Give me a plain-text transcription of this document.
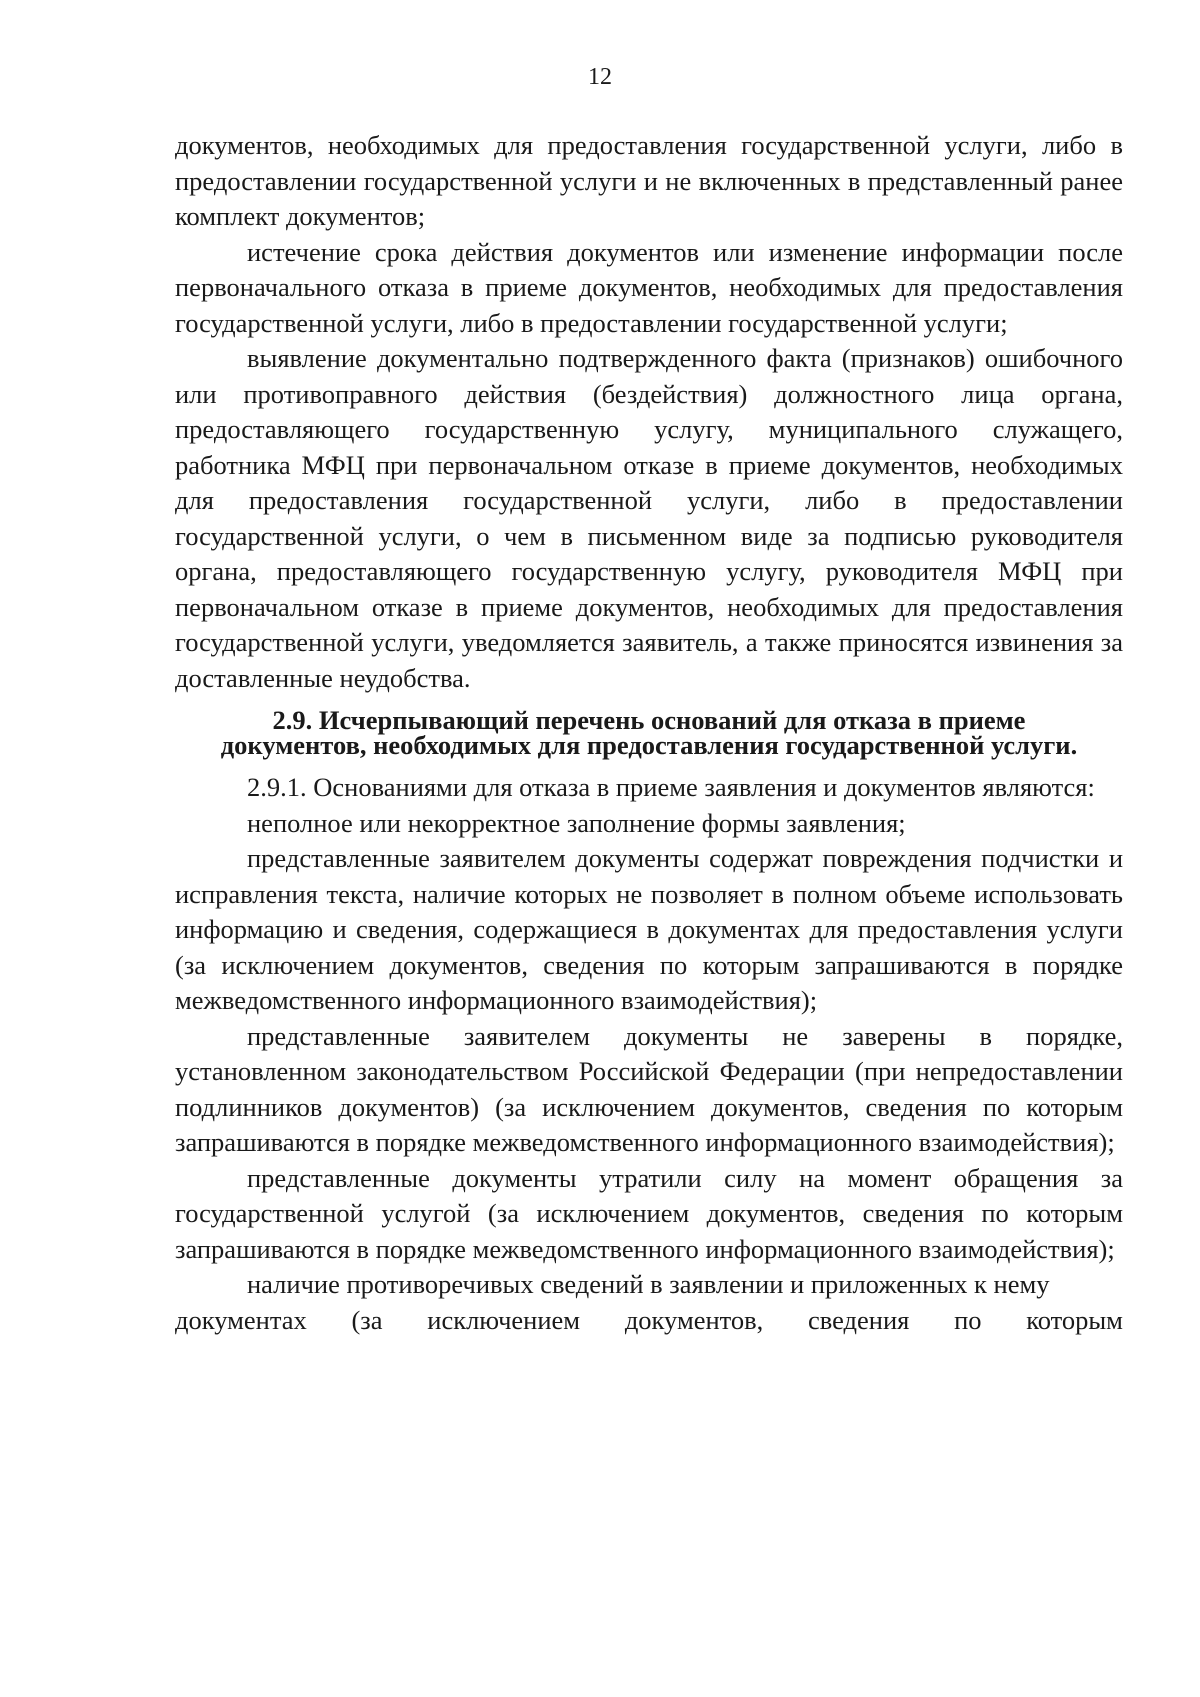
12

документов, необходимых для предоставления государственной услуги, либо в предоставлении государственной услуги и не включенных в представленный ранее комплект документов;

истечение срока действия документов или изменение информации после первоначального отказа в приеме документов, необходимых для предоставления государственной услуги, либо в предоставлении государственной услуги;

выявление документально подтвержденного факта (признаков) ошибочного или противоправного действия (бездействия) должностного лица органа, предоставляющего государственную услугу, муниципального служащего, работника МФЦ при первоначальном отказе в приеме документов, необходимых для предоставления государственной услуги, либо в предоставлении государственной услуги, о чем в письменном виде за подписью руководителя органа, предоставляющего государственную услугу, руководителя МФЦ при первоначальном отказе в приеме документов, необходимых для предоставления государственной услуги, уведомляется заявитель, а также приносятся извинения за доставленные неудобства.

2.9. Исчерпывающий перечень оснований для отказа в приеме
документов, необходимых для предоставления государственной услуги.

2.9.1. Основаниями для отказа в приеме заявления и документов являются:

неполное или некорректное заполнение формы заявления;

представленные заявителем документы содержат повреждения подчистки и исправления текста, наличие которых не позволяет в полном объеме использовать информацию и сведения, содержащиеся в документах для предоставления услуги (за исключением документов, сведения по которым запрашиваются в порядке межведомственного информационного взаимодействия);

представленные заявителем документы не заверены в порядке, установленном законодательством Российской Федерации (при непредоставлении подлинников документов) (за исключением документов, сведения по которым запрашиваются в порядке межведомственного информационного взаимодействия);

представленные документы утратили силу на момент обращения за государственной услугой (за исключением документов, сведения по которым запрашиваются в порядке межведомственного информационного взаимодействия);

наличие противоречивых сведений в заявлении и приложенных к нему

документах (за исключением документов, сведения по которым
